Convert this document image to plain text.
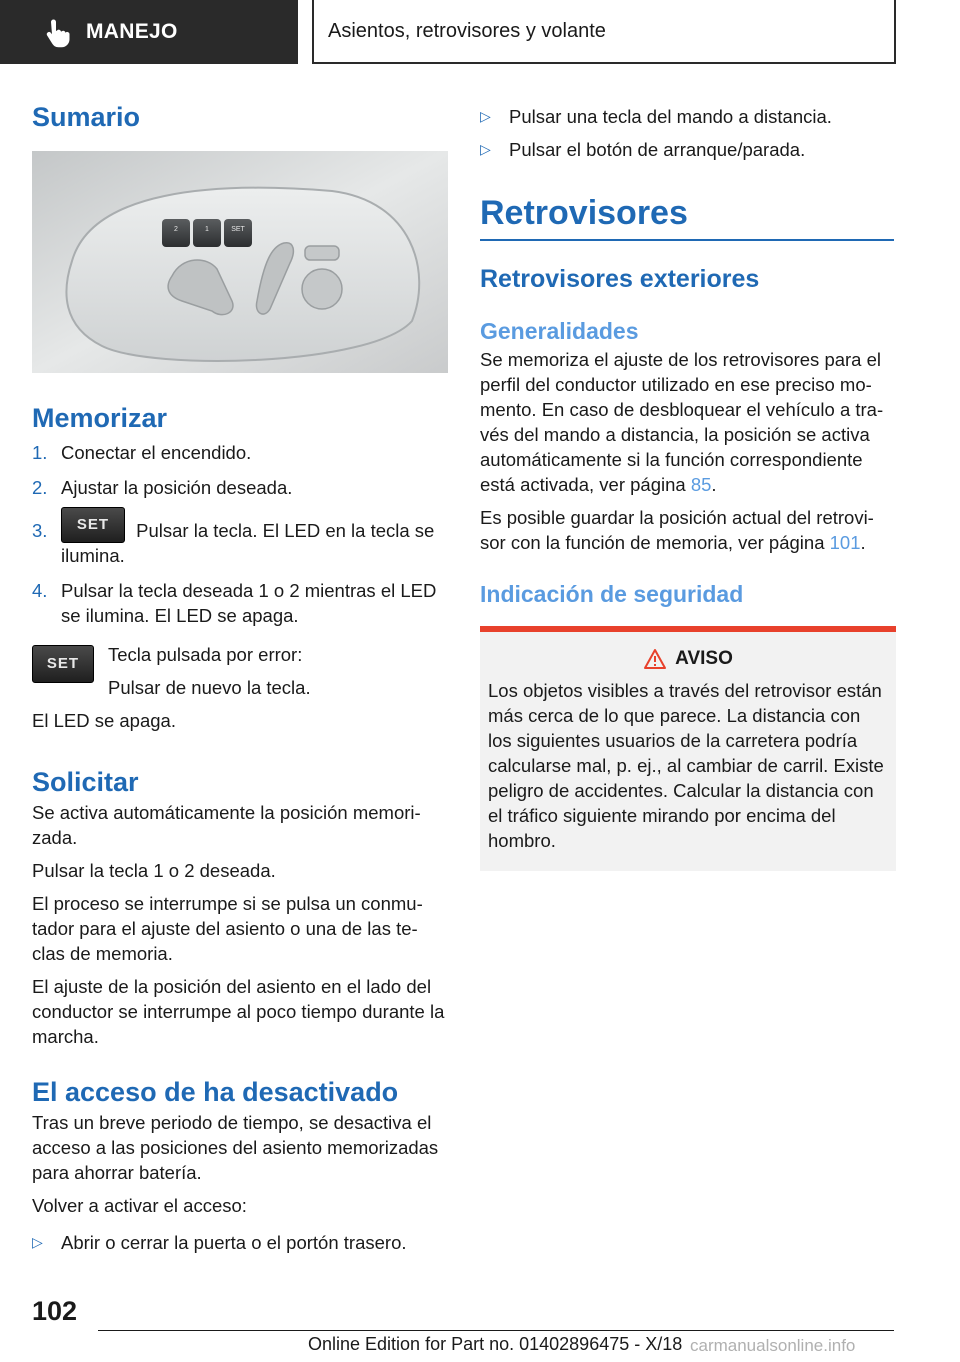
MANEJO	Asientos, retrovisores y volante
Sumario
2	1	SET
Memorizar
1. Conectar el encendido.
2. Ajustar la posición deseada.
3. SET Pulsar la tecla. El LED en la tecla se ilumina.
4. Pulsar la tecla deseada 1 o 2 mientras el LED se ilumina. El LED se apaga.
SET	Tecla pulsada por error:

Pulsar de nuevo la tecla.

El LED se apaga.

Solicitar

Se activa automáticamente la posición memori- zada.

Pulsar la tecla 1 o 2 deseada.

El proceso se interrumpe si se pulsa un conmu- tador para el ajuste del asiento o una de las te- clas de memoria.

El ajuste de la posición del asiento en el lado del conductor se interrumpe al poco tiempo durante la marcha.

El acceso de ha desactivado

Tras un breve periodo de tiempo, se desactiva el acceso a las posiciones del asiento memorizadas para ahorrar batería.

Volver a activar el acceso:

▷ Abrir o cerrar la puerta o el portón trasero.
▷ Pulsar una tecla del mando a distancia.
▷ Pulsar el botón de arranque/parada.
Retrovisores
Retrovisores exteriores
Generalidades

Se memoriza el ajuste de los retrovisores para el perfil del conductor utilizado en ese preciso mo- mento. En caso de desbloquear el vehículo a tra- vés del mando a distancia, la posición se activa automáticamente si la función correspondiente está activada, ver página 85.

Es posible guardar la posición actual del retrovi- sor con la función de memoria, ver página 101.

Indicación de seguridad
AVISO

Los objetos visibles a través del retrovisor están más cerca de lo que parece. La distancia con los siguientes usuarios de la carretera podría calcularse mal, p. ej., al cambiar de carril. Existe peligro de accidentes. Calcular la distancia con el tráfico siguiente mirando por encima del hombro.

102
Online Edition for Part no. 01402896475 - X/18 carmanualsonline.info
